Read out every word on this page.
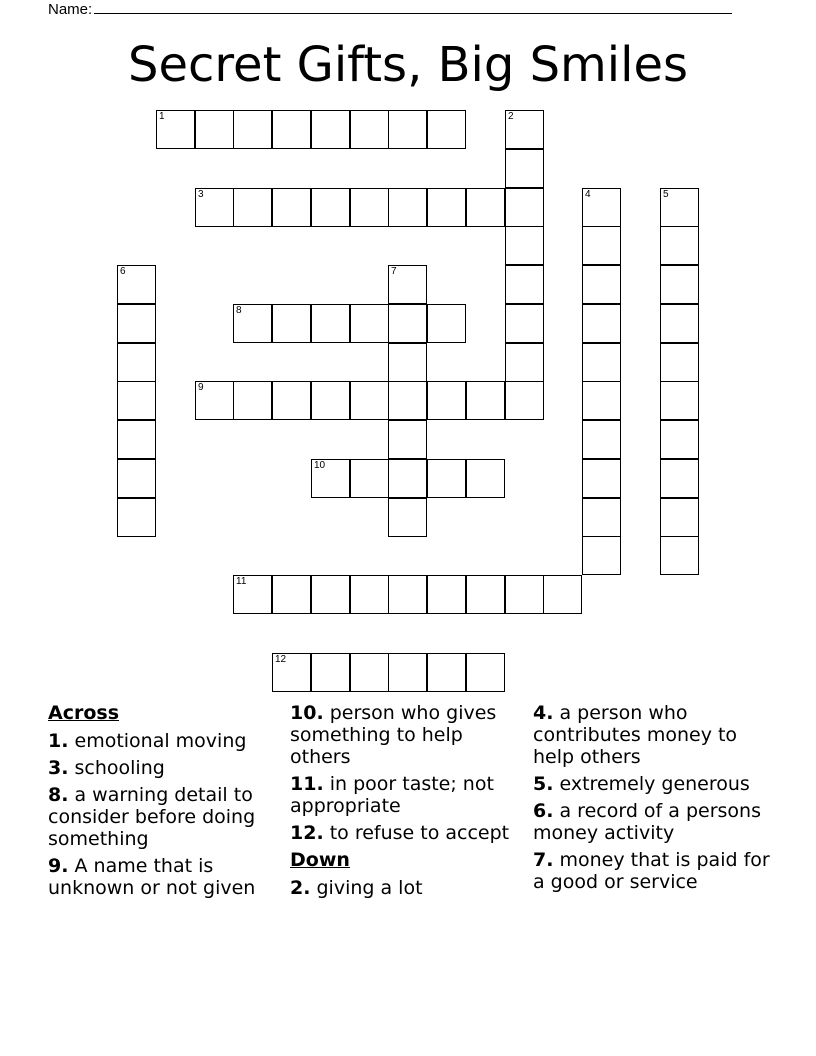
Name:
Secret Gifts, Big Smiles
1
3
8
9
10
11
12
2
4	5
6	7
Across
1. emotional moving
3. schooling
8. a warning detail to consider before doing something
9. A name that is unknown or not given
10. person who gives something to help others
11. in poor taste; not appropriate
12. to refuse to accept
Down
2. giving a lot
4. a person who contributes money to help others
5. extremely generous
6. a record of a persons money activity
7. money that is paid for a good or service
